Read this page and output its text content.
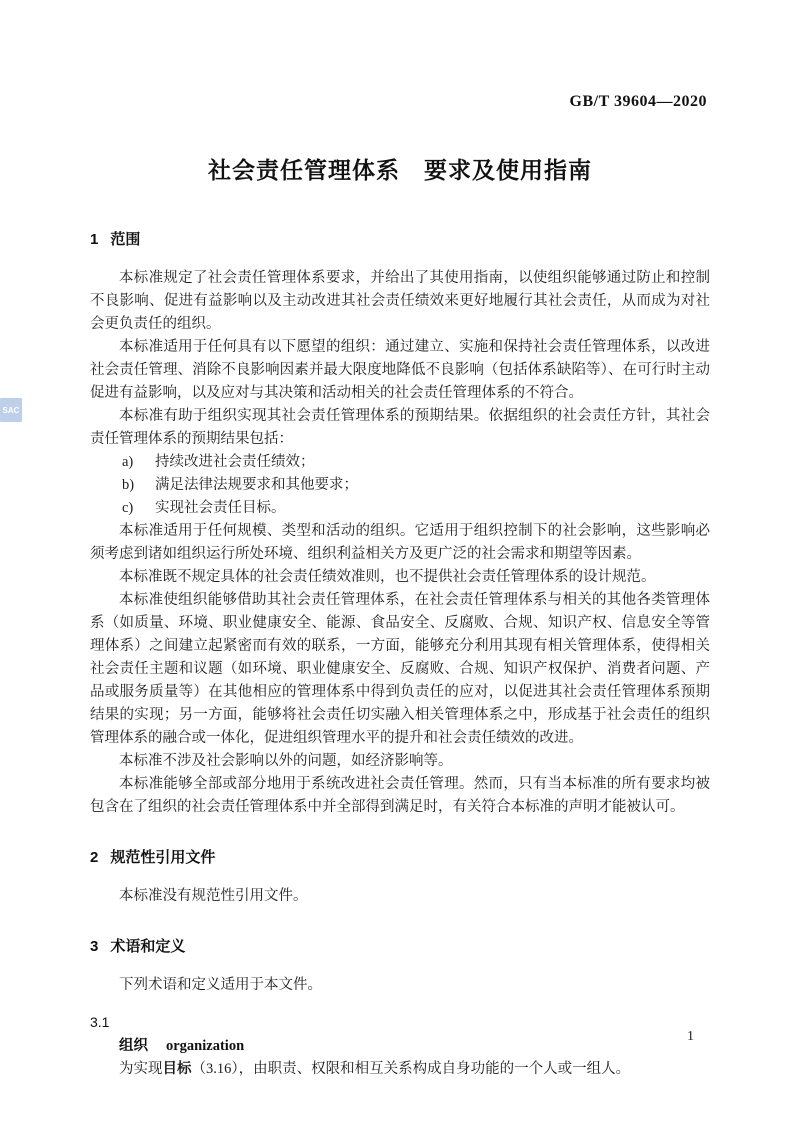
GB/T 39604—2020
SAC
社会责任管理体系　要求及使用指南
1 范围

本标准规定了社会责任管理体系要求，并给出了其使用指南，以使组织能够通过防止和控制不良影响、促进有益影响以及主动改进其社会责任绩效来更好地履行其社会责任，从而成为对社会更负责任的组织。

本标准适用于任何具有以下愿望的组织：通过建立、实施和保持社会责任管理体系，以改进社会责任管理、消除不良影响因素并最大限度地降低不良影响（包括体系缺陷等）、在可行时主动促进有益影响，以及应对与其决策和活动相关的社会责任管理体系的不符合。

本标准有助于组织实现其社会责任管理体系的预期结果。依据组织的社会责任方针，其社会责任管理体系的预期结果包括：

a) 持续改进社会责任绩效；
b) 满足法律法规要求和其他要求；
c) 实现社会责任目标。

本标准适用于任何规模、类型和活动的组织。它适用于组织控制下的社会影响，这些影响必须考虑到诸如组织运行所处环境、组织利益相关方及更广泛的社会需求和期望等因素。

本标准既不规定具体的社会责任绩效准则，也不提供社会责任管理体系的设计规范。

本标准使组织能够借助其社会责任管理体系，在社会责任管理体系与相关的其他各类管理体系（如质量、环境、职业健康安全、能源、食品安全、反腐败、合规、知识产权、信息安全等管理体系）之间建立起紧密而有效的联系，一方面，能够充分利用其现有相关管理体系，使得相关社会责任主题和议题（如环境、职业健康安全、反腐败、合规、知识产权保护、消费者问题、产品或服务质量等）在其他相应的管理体系中得到负责任的应对，以促进其社会责任管理体系预期结果的实现；另一方面，能够将社会责任切实融入相关管理体系之中，形成基于社会责任的组织管理体系的融合或一体化，促进组织管理水平的提升和社会责任绩效的改进。

本标准不涉及社会影响以外的问题，如经济影响等。

本标准能够全部或部分地用于系统改进社会责任管理。然而，只有当本标准的所有要求均被包含在了组织的社会责任管理体系中并全部得到满足时，有关符合本标准的声明才能被认可。

2 规范性引用文件

本标准没有规范性引用文件。

3 术语和定义

下列术语和定义适用于本文件。

3.1
组织 organization
为实现目标（3.16），由职责、权限和相互关系构成自身功能的一个人或一组人。
1
